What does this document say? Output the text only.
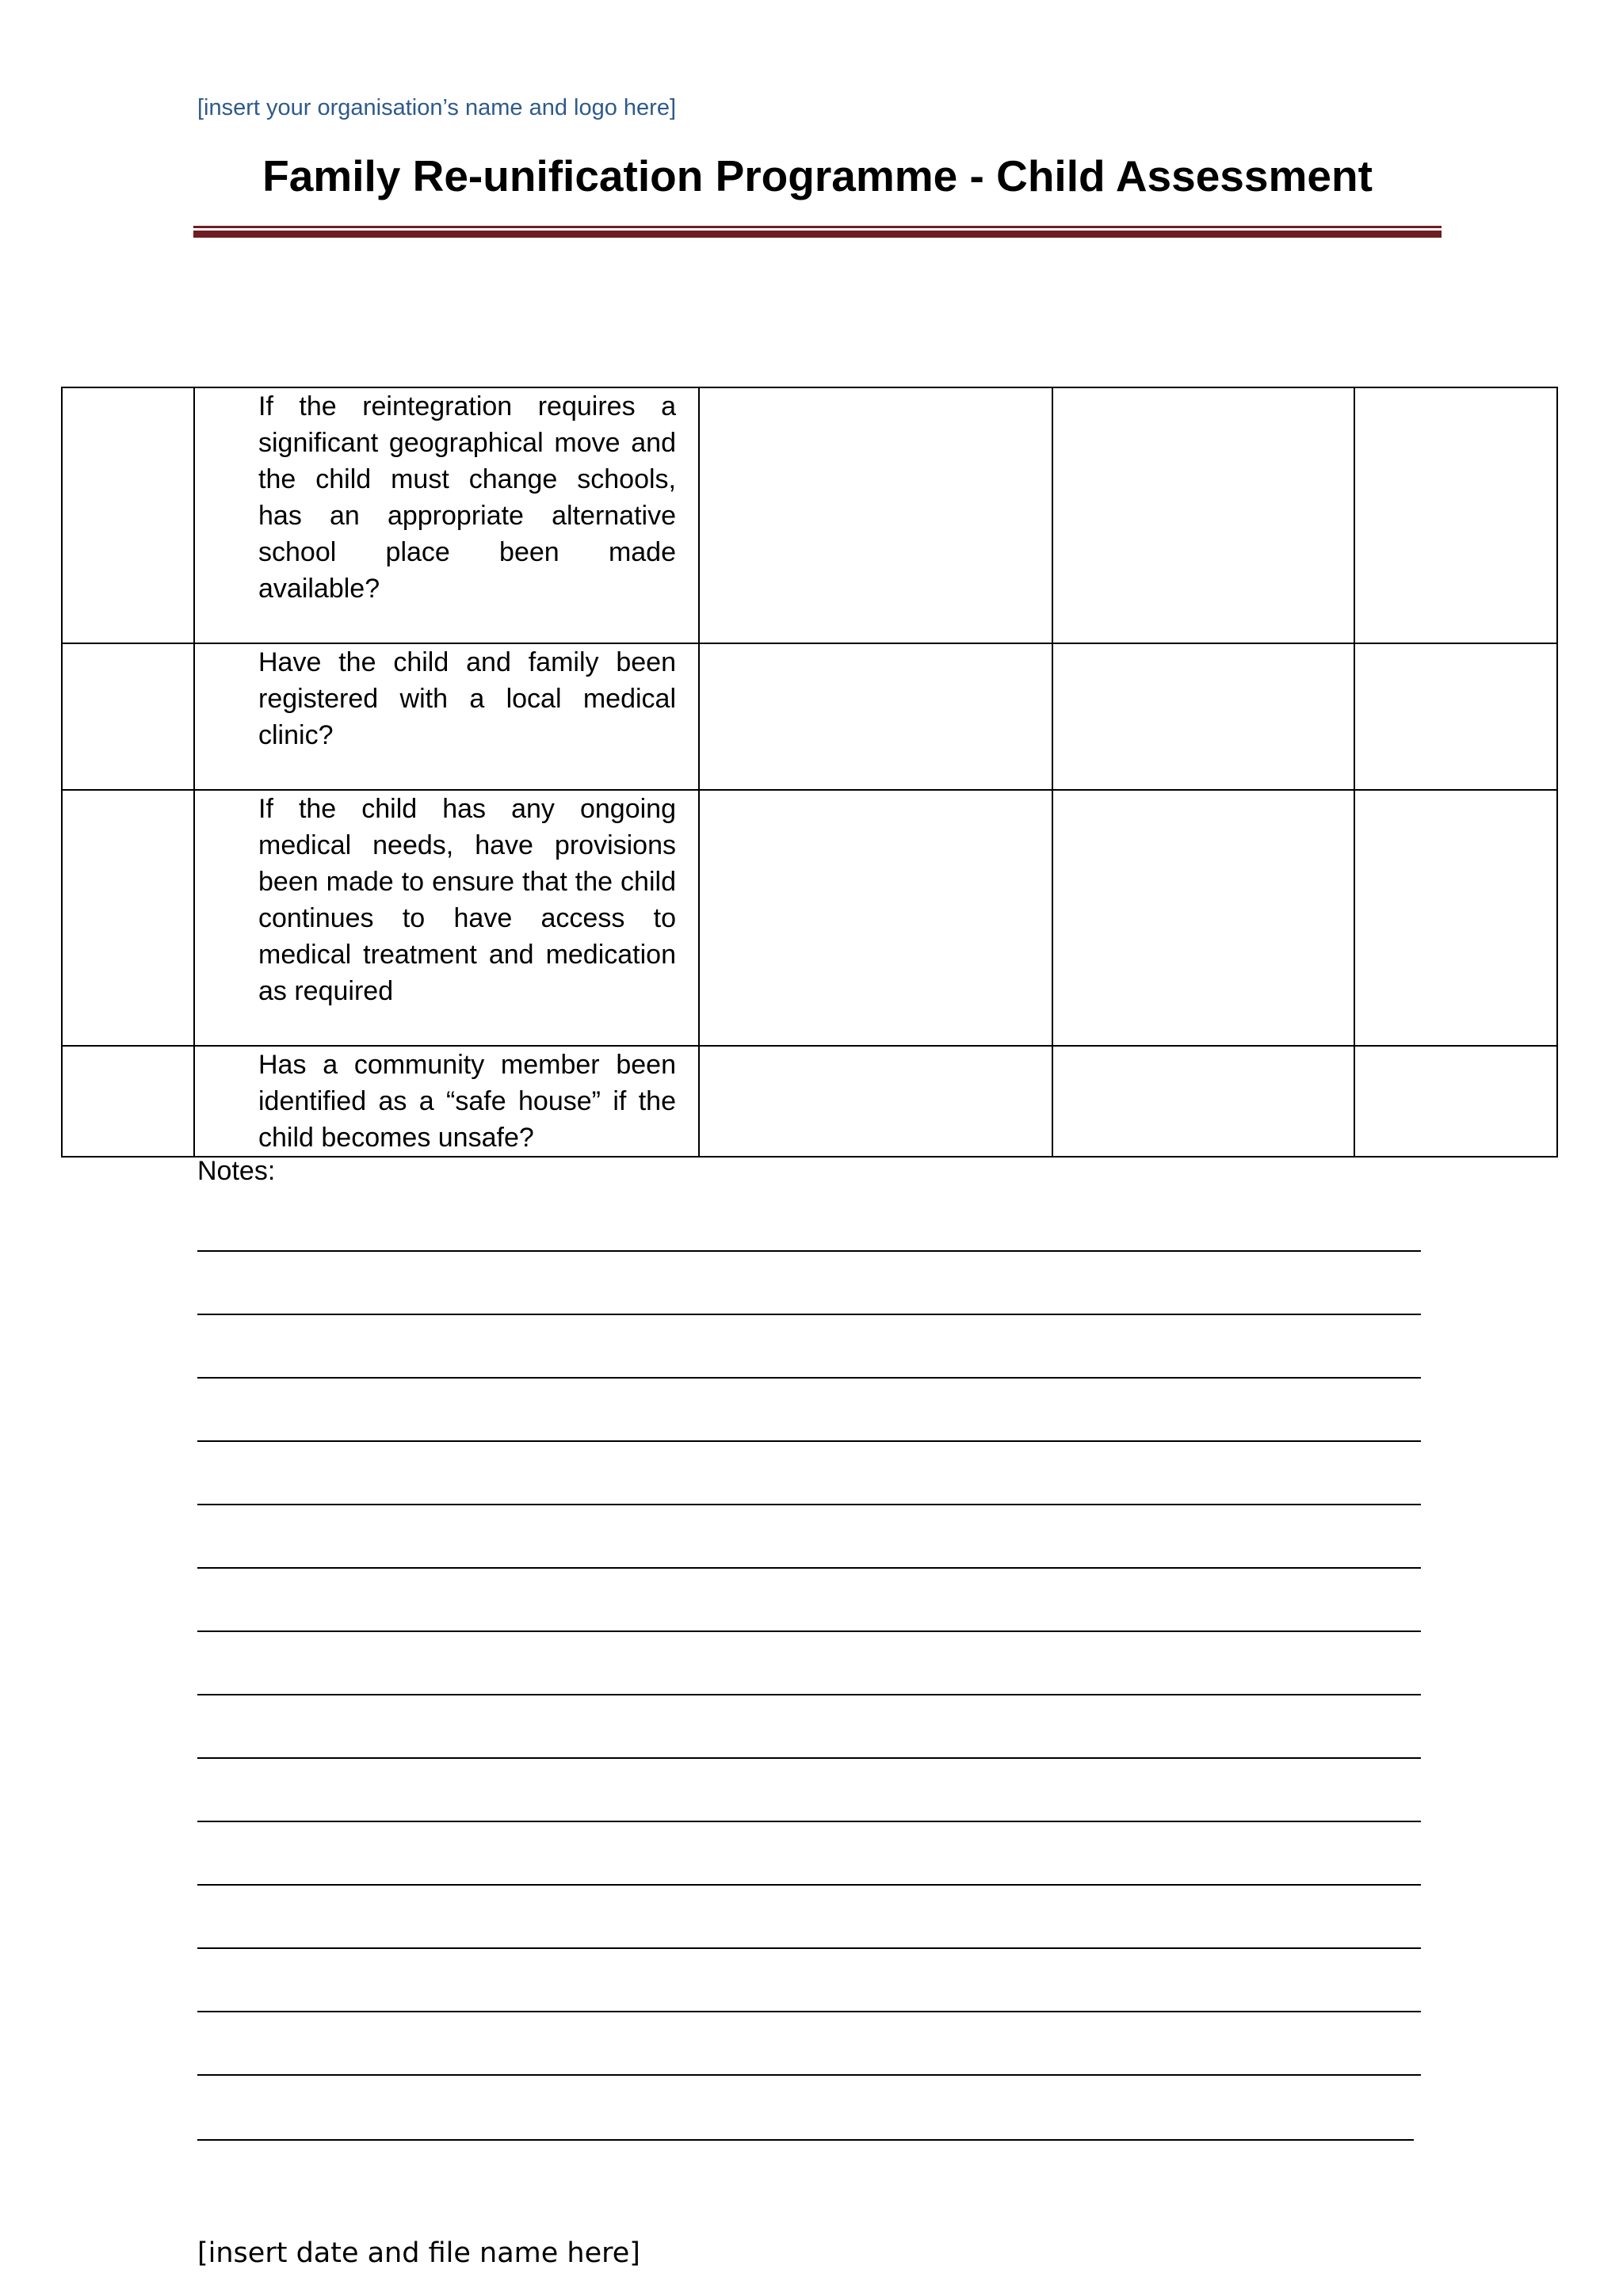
[insert your organisation’s name and logo here]
Family Re-unification Programme - Child Assessment

	If the reintegration requires a significant geographical move and the child must change schools, has an appropriate alternative school place been made available?			

	Have the child and family been registered with a local medical clinic?			

	If the child has any ongoing medical needs, have provisions been made to ensure that the child continues to have access to medical treatment and medication as required			

	Has a community member been identified as a “safe house” if the child becomes unsafe?			

Notes:
[insert date and file name here]
